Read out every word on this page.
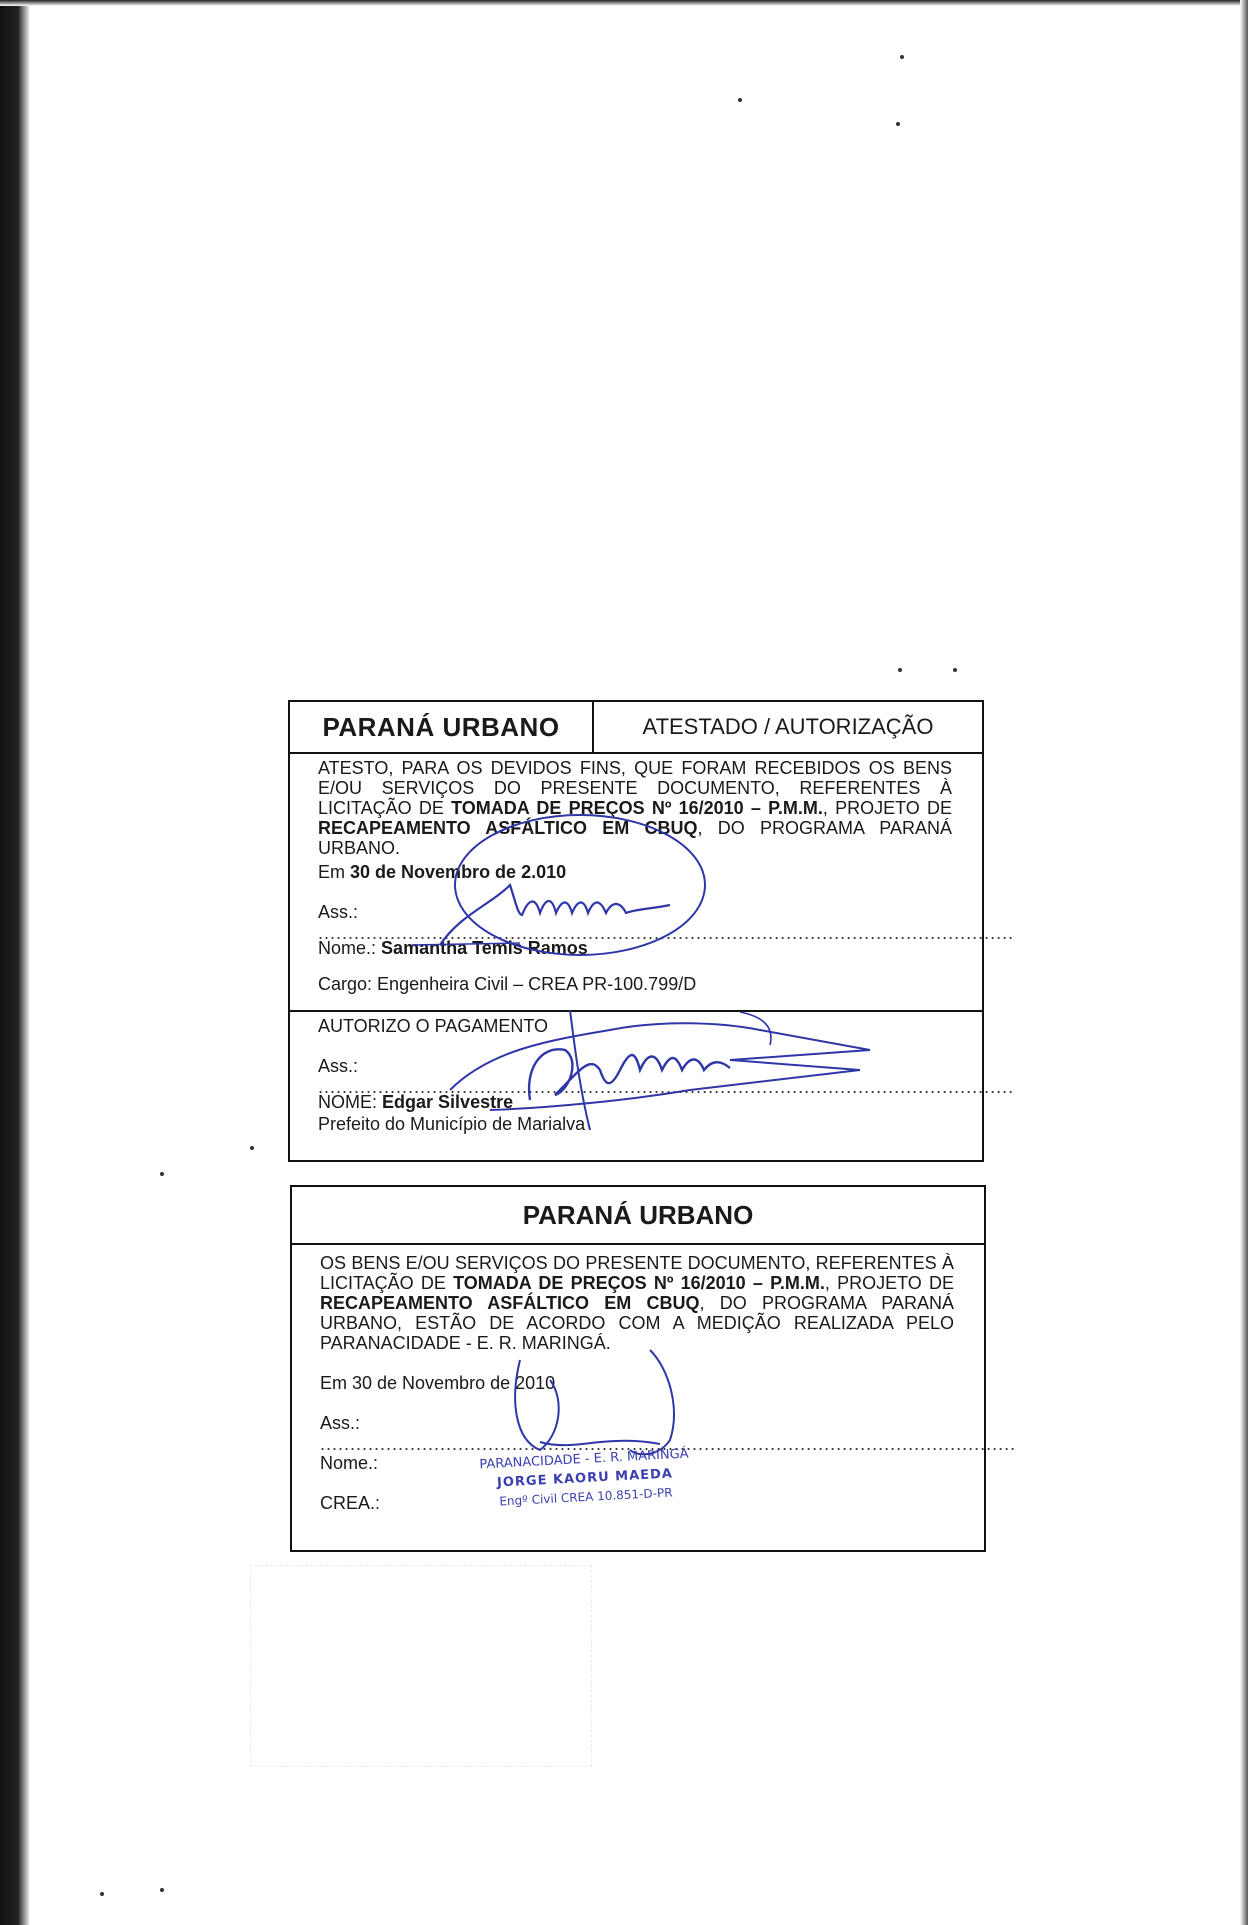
PARANÁ URBANO	ATESTADO / AUTORIZAÇÃO
ATESTO, PARA OS DEVIDOS FINS, QUE FORAM RECEBIDOS OS BENS E/OU SERVIÇOS DO PRESENTE DOCUMENTO, REFERENTES À LICITAÇÃO DE TOMADA DE PREÇOS Nº 16/2010 – P.M.M., PROJETO DE RECAPEAMENTO ASFÁLTICO EM CBUQ, DO PROGRAMA PARANÁ URBANO.
Em 30 de Novembro de 2.010
Ass.: ....................................................................................................................
Nome.: Samantha Temis Ramos
Cargo: Engenheira Civil – CREA PR-100.799/D
AUTORIZO O PAGAMENTO
Ass.: ....................................................................................................................
NOME: Edgar Silvestre
Prefeito do Município de Marialva
PARANÁ URBANO
OS BENS E/OU SERVIÇOS DO PRESENTE DOCUMENTO, REFERENTES À LICITAÇÃO DE TOMADA DE PREÇOS Nº 16/2010 – P.M.M., PROJETO DE RECAPEAMENTO ASFÁLTICO EM CBUQ, DO PROGRAMA PARANÁ URBANO, ESTÃO DE ACORDO COM A MEDIÇÃO REALIZADA PELO PARANACIDADE - E. R. MARINGÁ.
Em 30 de Novembro de 2010
Ass.: ....................................................................................................................
Nome.:
CREA.:
PARANACIDADE - E. R. MARINGÁ
JORGE KAORU MAEDA
Engº Civil CREA 10.851-D-PR
